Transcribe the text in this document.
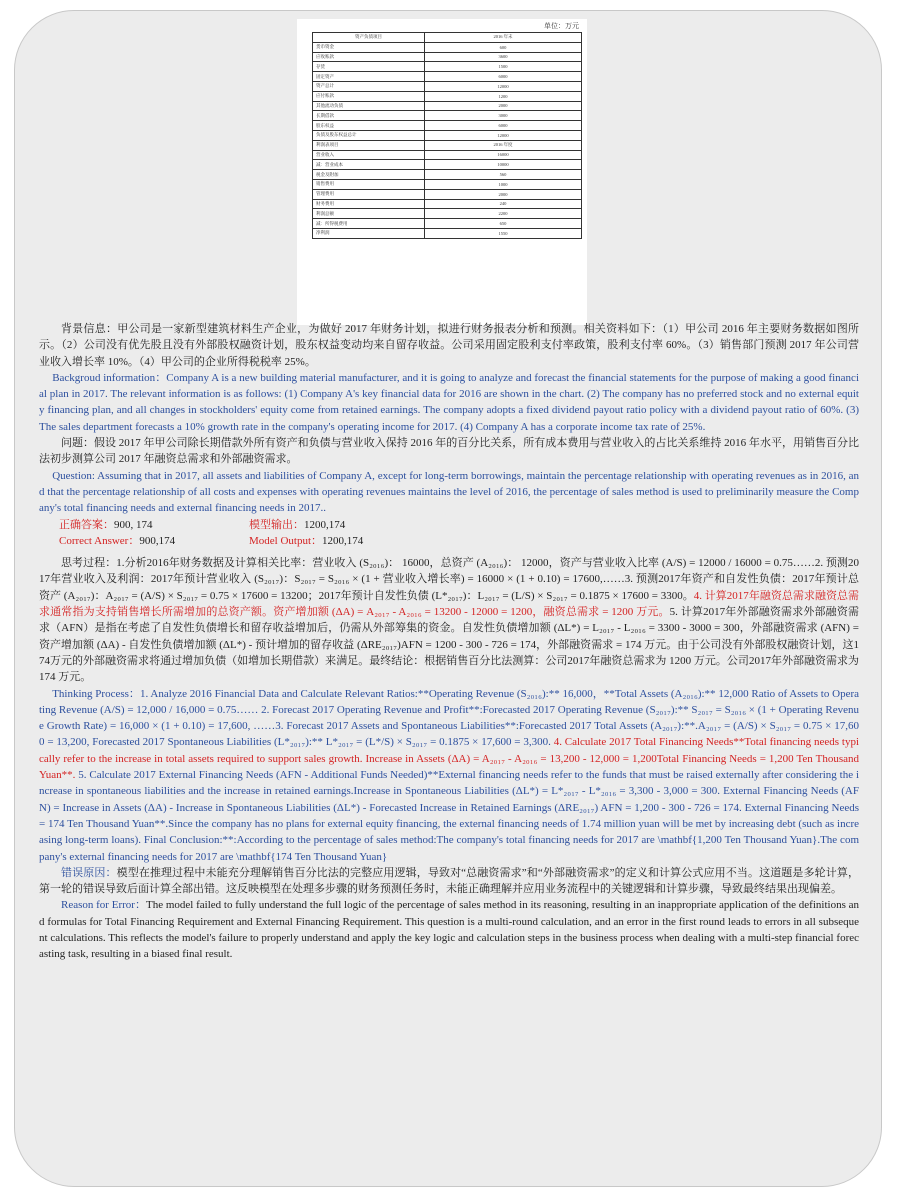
单位：万元
资产负债项目	2016 年末
货币资金	600
应收账款	3600
存货	1500
固定资产	6000
资产总计	12000
应付账款	1200
其他流动负债	2000
长期借款	3000
股东权益	6000
负债及股东权益总计	12000
利润表项目	2016 年度
营业收入	16000
减：营业成本	10000
税金及附加	560
销售费用	1000
管理费用	2000
财务费用	240
利润总额	2200
减：所得税费用	650
净利润	1550

背景信息：甲公司是一家新型建筑材料生产企业，为做好 2017 年财务计划，拟进行财务报表分析和预测。相关资料如下：（1）甲公司 2016 年主要财务数据如图所示。（2）公司没有优先股且没有外部股权融资计划，股东权益变动均来自留存收益。公司采用固定股利支付率政策，股利支付率 60%。（3）销售部门预测 2017 年公司营业收入增长率 10%。（4）甲公司的企业所得税税率 25%。

Backgroud information：Company A is a new building material manufacturer, and it is going to analyze and forecast the financial statements for the purpose of making a good financial plan in 2017. The relevant information is as follows: (1) Company A's key financial data for 2016 are shown in the chart. (2) The company has no preferred stock and no external equity financing plan, and all changes in stockholders' equity come from retained earnings. The company adopts a fixed dividend payout ratio policy with a dividend payout ratio of 60%. (3) The sales department forecasts a 10% growth rate in the company's operating income for 2017. (4) Company A has a corporate income tax rate of 25%.

问题：假设 2017 年甲公司除长期借款外所有资产和负债与营业收入保持 2016 年的百分比关系，所有成本费用与营业收入的占比关系维持 2016 年水平，用销售百分比法初步测算公司 2017 年融资总需求和外部融资需求。

Question: Assuming that in 2017, all assets and liabilities of Company A, except for long-term borrowings, maintain the percentage relationship with operating revenues as in 2016, and that the percentage relationship of all costs and expenses with operating revenues maintains the level of 2016, the percentage of sales method is used to preliminarily measure the Company's total financing needs and external financing needs in 2017..

正确答案：900, 174	模型输出：1200,174
Correct Answer：900,174	Model Output：1200,174

思考过程：1.分析2016年财务数据及计算相关比率：营业收入 (S₂₀₁₆)： 16000，总资产 (A₂₀₁₆)： 12000，资产与营业收入比率 (A/S) = 12000 / 16000 = 0.75……2. 预测2017年营业收入及利润：2017年预计营业收入 (S₂₀₁₇)：S₂₀₁₇ = S₂₀₁₆ × (1 + 营业收入增长率) = 16000 × (1 + 0.10) = 17600,……3. 预测2017年资产和自发性负债：2017年预计总资产 (A₂₀₁₇)：A₂₀₁₇ = (A/S) × S₂₀₁₇ = 0.75 × 17600 = 13200；2017年预计自发性负债 (L*₂₀₁₇)：L₂₀₁₇ = (L/S) × S₂₀₁₇ = 0.1875 × 17600 = 3300。4. 计算2017年融资总需求融资总需求通常指为支持销售增长所需增加的总资产额。资产增加额 (ΔA) = A₂₀₁₇ - A₂₀₁₆ = 13200 - 12000 = 1200，融资总需求 = 1200 万元。5. 计算2017年外部融资需求外部融资需求（AFN）是指在考虑了自发性负债增长和留存收益增加后，仍需从外部筹集的资金。自发性负债增加额 (ΔL*) = L₂₀₁₇ - L₂₀₁₆ = 3300 - 3000 = 300，外部融资需求 (AFN) = 资产增加额 (ΔA) - 自发性负债增加额 (ΔL*) - 预计增加的留存收益 (ΔRE₂₀₁₇)AFN = 1200 - 300 - 726 = 174，外部融资需求 = 174 万元。由于公司没有外部股权融资计划，这174万元的外部融资需求将通过增加负债（如增加长期借款）来满足。最终结论：根据销售百分比法测算：公司2017年融资总需求为 1200 万元。公司2017年外部融资需求为 174 万元。

Thinking Process：1. Analyze 2016 Financial Data and Calculate Relevant Ratios:**Operating Revenue (S₂₀₁₆):** 16,000，**Total Assets (A₂₀₁₆):** 12,000 Ratio of Assets to Operating Revenue (A/S) = 12,000 / 16,000 = 0.75…… 2. Forecast 2017 Operating Revenue and Profit**:Forecasted 2017 Operating Revenue (S₂₀₁₇):** S₂₀₁₇ = S₂₀₁₆ × (1 + Operating Revenue Growth Rate) = 16,000 × (1 + 0.10) = 17,600, ……3. Forecast 2017 Assets and Spontaneous Liabilities**:Forecasted 2017 Total Assets (A₂₀₁₇):**.A₂₀₁₇ = (A/S) × S₂₀₁₇ = 0.75 × 17,600 = 13,200, Forecasted 2017 Spontaneous Liabilities (L*₂₀₁₇):** L*₂₀₁₇ = (L*/S) × S₂₀₁₇ = 0.1875 × 17,600 = 3,300. 4. Calculate 2017 Total Financing Needs**Total financing needs typically refer to the increase in total assets required to support sales growth. Increase in Assets (ΔA) = A₂₀₁₇ - A₂₀₁₆ = 13,200 - 12,000 = 1,200Total Financing Needs = 1,200 Ten Thousand Yuan**. 5. Calculate 2017 External Financing Needs (AFN - Additional Funds Needed)**External financing needs refer to the funds that must be raised externally after considering the increase in spontaneous liabilities and the increase in retained earnings.Increase in Spontaneous Liabilities (ΔL*) = L*₂₀₁₇ - L*₂₀₁₆ = 3,300 - 3,000 = 300. External Financing Needs (AFN) = Increase in Assets (ΔA) - Increase in Spontaneous Liabilities (ΔL*) - Forecasted Increase in Retained Earnings (ΔRE₂₀₁₇) AFN = 1,200 - 300 - 726 = 174. External Financing Needs = 174 Ten Thousand Yuan**.Since the company has no plans for external equity financing, the external financing needs of 1.74 million yuan will be met by increasing debt (such as increasing long-term loans). Final Conclusion:**:According to the percentage of sales method:The company's total financing needs for 2017 are \mathbf{1,200 Ten Thousand Yuan}.The company's external financing needs for 2017 are \mathbf{174 Ten Thousand Yuan}

错误原因：模型在推理过程中未能充分理解销售百分比法的完整应用逻辑，导致对“总融资需求”和“外部融资需求”的定义和计算公式应用不当。这道题是多轮计算，第一轮的错误导致后面计算全部出错。这反映模型在处理多步骤的财务预测任务时，未能正确理解并应用业务流程中的关键逻辑和计算步骤，导致最终结果出现偏差。

Reason for Error：The model failed to fully understand the full logic of the percentage of sales method in its reasoning, resulting in an inappropriate application of the definitions and formulas for Total Financing Requirement and External Financing Requirement. This question is a multi-round calculation, and an error in the first round leads to errors in all subsequent calculations. This reflects the model's failure to properly understand and apply the key logic and calculation steps in the business process when dealing with a multi-step financial forecasting task, resulting in a biased final result.
